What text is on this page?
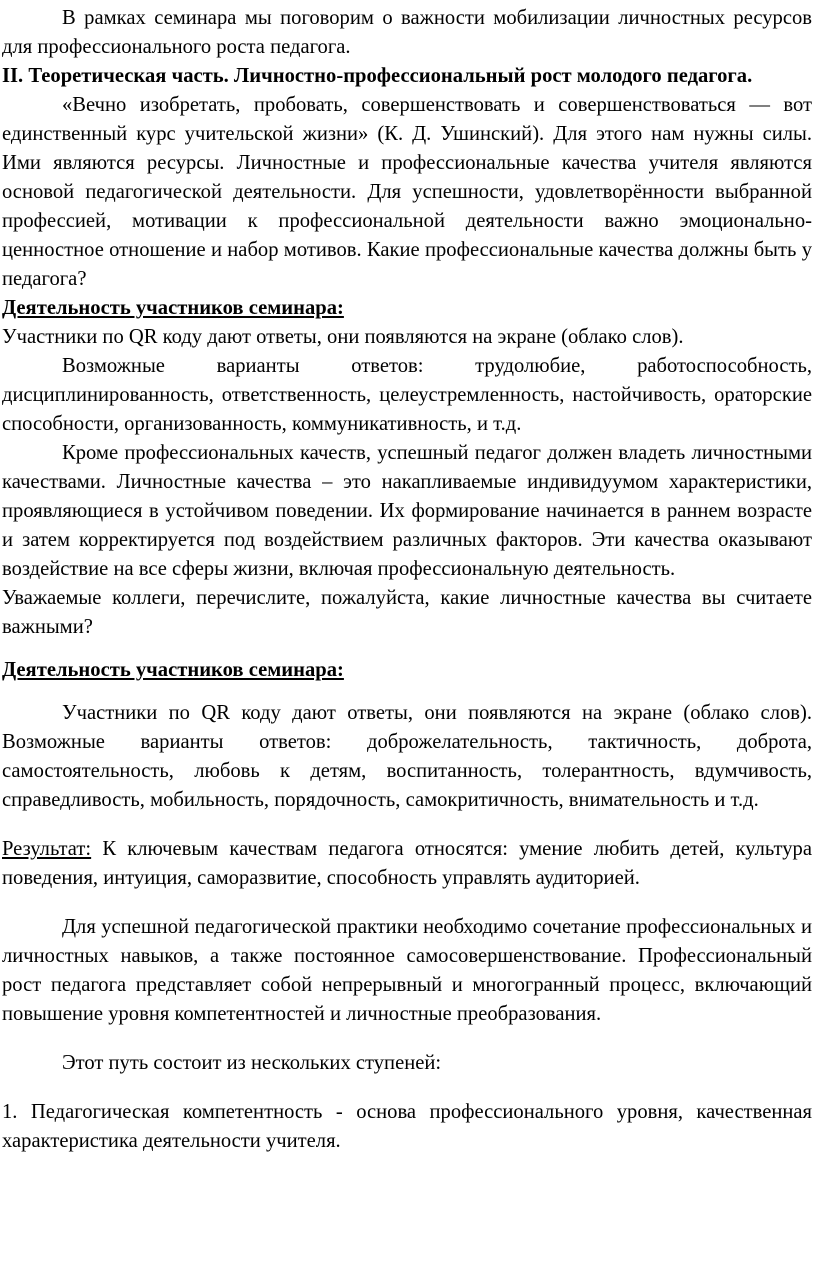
В рамках семинара мы поговорим о важности мобилизации личностных ресурсов для профессионального роста педагога.

II. Теоретическая часть. Личностно-профессиональный рост молодого педагога.

«Вечно изобретать, пробовать, совершенствовать и совершенствоваться — вот единственный курс учительской жизни» (К. Д. Ушинский). Для этого нам нужны силы. Ими являются ресурсы. Личностные и профессиональные качества учителя являются основой педагогической деятельности. Для успешности, удовлетворённости выбранной профессией, мотивации к профессиональной деятельности важно эмоционально-ценностное отношение и набор мотивов. Какие профессиональные качества должны быть у педагога?

Деятельность участников семинара:

Участники по QR коду дают ответы, они появляются на экране (облако слов).

Возможные варианты ответов: трудолюбие, работоспособность, дисциплинированность, ответственность, целеустремленность, настойчивость, ораторские способности, организованность, коммуникативность, и т.д.

Кроме профессиональных качеств, успешный педагог должен владеть личностными качествами. Личностные качества – это накапливаемые индивидуумом характеристики, проявляющиеся в устойчивом поведении. Их формирование начинается в раннем возрасте и затем корректируется под воздействием различных факторов. Эти качества оказывают воздействие на все сферы жизни, включая профессиональную деятельность.

Уважаемые коллеги, перечислите, пожалуйста, какие личностные качества вы считаете важными?

Деятельность участников семинара:

Участники по QR коду дают ответы, они появляются на экране (облако слов). Возможные варианты ответов: доброжелательность, тактичность, доброта, самостоятельность, любовь к детям, воспитанность, толерантность, вдумчивость, справедливость, мобильность, порядочность, самокритичность, внимательность и т.д.

Результат: К ключевым качествам педагога относятся: умение любить детей, культура поведения, интуиция, саморазвитие, способность управлять аудиторией.

Для успешной педагогической практики необходимо сочетание профессиональных и личностных навыков, а также постоянное самосовершенствование. Профессиональный рост педагога представляет собой непрерывный и многогранный процесс, включающий повышение уровня компетентностей и личностные преобразования.

Этот путь состоит из нескольких ступеней:

1. Педагогическая компетентность - основа профессионального уровня, качественная характеристика деятельности учителя.
